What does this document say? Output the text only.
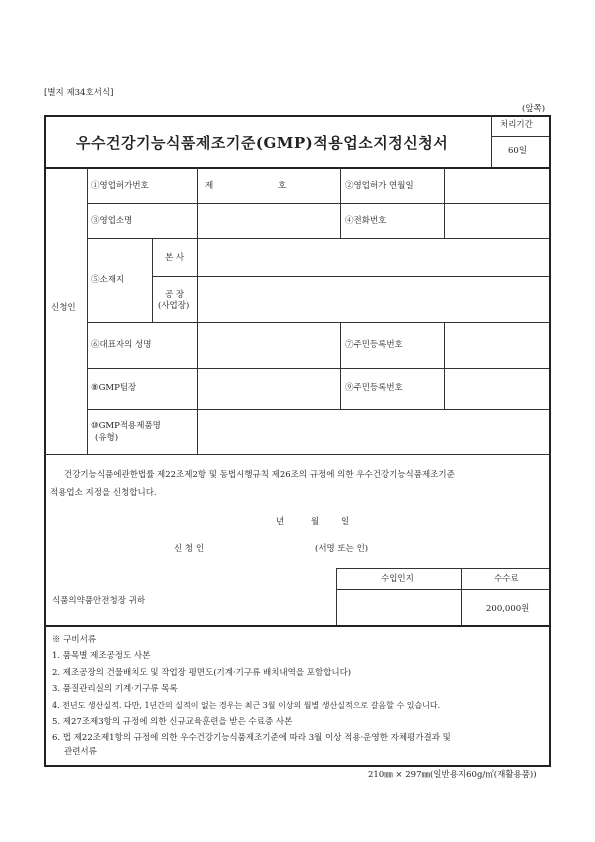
[별지 제34호서식]
(앞쪽)
우수건강기능식품제조기준(GMP)적용업소지정신청서
처리기간
60일
신청인
①영업허가번호	제	호	②영업허가 연월일
③영업소명	④전화번호
⑤소재지
본 사
공 장
(사업장)
⑥대표자의 성명	⑦주민등록번호
⑧GMP팀장	⑨주민등록번호
⑩GMP적용제품명
(유형)
건강기능식품에관한법률 제22조제2항 및 동법시행규칙 제26조의 규정에 의한 우수건강기능식품제조기준
적용업소 지정을 신청합니다.
년	월	일
신 청 인	(서명 또는 인)
수입인지	수수료
200,000원
식품의약품안전청장 귀하
※ 구비서류
1. 품목별 제조공정도 사본
2. 제조공장의 건물배치도 및 작업장 평면도(기계·기구류 배치내역을 포함합니다)
3. 품질관리실의 기계·기구류 목록
4. 전년도 생산실적. 다만, 1년간의 실적이 없는 경우는 최근 3월 이상의 월별 생산실적으로 갈음할 수 있습니다.
5. 제27조제3항의 규정에 의한 신규교육훈련을 받은 수료증 사본
6. 법 제22조제1항의 규정에 의한 우수건강기능식품제조기준에 따라 3월 이상 적용·운영한 자체평가결과 및
관련서류
210㎜ × 297㎜(일반용지60g/㎡(재활용품))
